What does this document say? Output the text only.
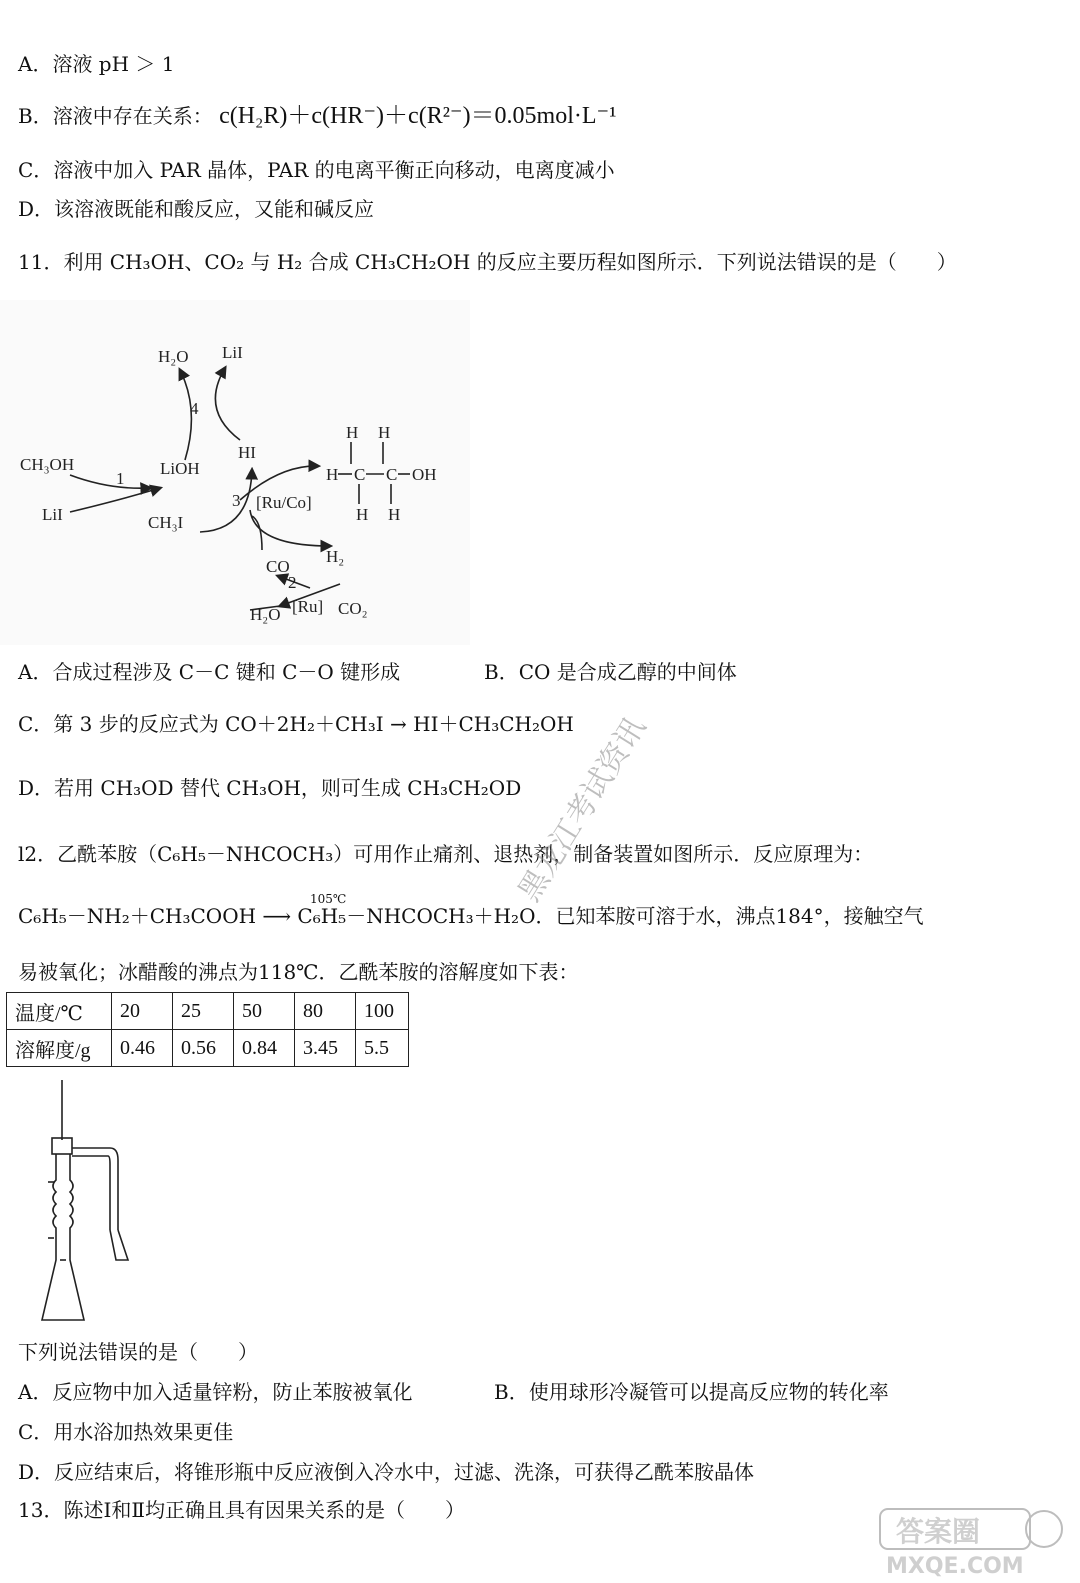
A．溶液 pH ＞ 1
B．溶液中存在关系： c(H₂R)＋c(HR⁻)＋c(R²⁻)＝0.05mol·L⁻¹
C．溶液中加入 PAR 晶体，PAR 的电离平衡正向移动，电离度减小
D．该溶液既能和酸反应，又能和碱反应
11．利用 CH₃OH、CO₂ 与 H₂ 合成 CH₃CH₂OH 的反应主要历程如图所示．下列说法错误的是（　　）
H₂O LiI
4
CH₃OH
LiI
1
LiOH
CH₃I
HI
3 [Ru/Co]
CO
H₂
2
[Ru]
H₂O	CO₂
H H
H C C OH
H H
A．合成过程涉及 C－C 键和 C－O 键形成	B．CO 是合成乙醇的中间体
C．第 3 步的反应式为 CO＋2H₂＋CH₃I → HI＋CH₃CH₂OH
D．若用 CH₃OD 替代 CH₃OH，则可生成 CH₃CH₂OD
l2．乙酰苯胺（C₆H₅－NHCOCH₃）可用作止痛剂、退热剂，制备装置如图所示．反应原理为：
105℃
C₆H₅－NH₂＋CH₃COOH ⟶ C₆H₅－NHCOCH₃＋H₂O．已知苯胺可溶于水，沸点184°，接触空气
易被氧化；冰醋酸的沸点为118℃．乙酰苯胺的溶解度如下表：
温度/℃	20	25	50	80	100
溶解度/g	0.46	0.56	0.84	3.45	5.5
下列说法错误的是（　　）
A．反应物中加入适量锌粉，防止苯胺被氧化	B．使用球形冷凝管可以提高反应物的转化率
C．用水浴加热效果更佳
D．反应结束后，将锥形瓶中反应液倒入冷水中，过滤、洗涤，可获得乙酰苯胺晶体
13．陈述Ⅰ和Ⅱ均正确且具有因果关系的是（　　）
黑龙江考试资讯
答案圈
MXQE.COM
